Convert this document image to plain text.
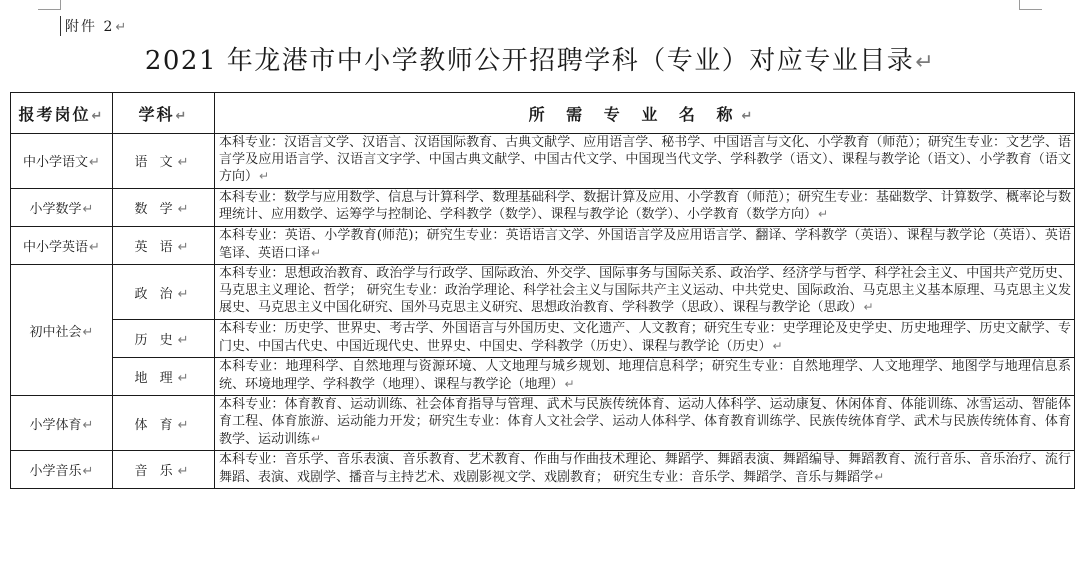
附件 2↵
2021 年龙港市中小学教师公开招聘学科（专业）对应专业目录↵
报考岗位↵	学科↵	所 需 专 业 名 称↵
中小学语文↵	语 文↵	本科专业：汉语言文学、汉语言、汉语国际教育、古典文献学、应用语言学、秘书学、中国语言与文化、小学教育（师范）；研究生专业：文艺学、语言学及应用语言学、汉语言文字学、中国古典文献学、中国古代文学、中国现当代文学、学科教学（语文）、课程与教学论（语文）、小学教育（语文方向）↵
小学数学↵	数 学↵	本科专业：数学与应用数学、信息与计算科学、数理基础科学、数据计算及应用、小学教育（师范）；研究生专业：基础数学、计算数学、概率论与数理统计、应用数学、运筹学与控制论、学科教学（数学）、课程与教学论（数学）、小学教育（数学方向）↵
中小学英语↵	英 语↵	本科专业：英语、小学教育(师范)；研究生专业：英语语言文学、外国语言学及应用语言学、翻译、学科教学（英语）、课程与教学论（英语）、英语笔译、英语口译↵
初中社会↵	政 治↵	本科专业：思想政治教育、政治学与行政学、国际政治、外交学、国际事务与国际关系、政治学、经济学与哲学、科学社会主义、中国共产党历史、马克思主义理论、哲学； 研究生专业：政治学理论、科学社会主义与国际共产主义运动、中共党史、国际政治、马克思主义基本原理、马克思主义发展史、马克思主义中国化研究、国外马克思主义研究、思想政治教育、学科教学（思政）、课程与教学论（思政）↵
	历 史↵	本科专业：历史学、世界史、考古学、外国语言与外国历史、文化遗产、人文教育；研究生专业：史学理论及史学史、历史地理学、历史文献学、专门史、中国古代史、中国近现代史、世界史、中国史、学科教学（历史）、课程与教学论（历史）↵
	地 理↵	本科专业：地理科学、自然地理与资源环境、人文地理与城乡规划、地理信息科学；研究生专业：自然地理学、人文地理学、地图学与地理信息系统、环境地理学、学科教学（地理）、课程与教学论（地理）↵
小学体育↵	体 育↵	本科专业：体育教育、运动训练、社会体育指导与管理、武术与民族传统体育、运动人体科学、运动康复、休闲体育、体能训练、冰雪运动、智能体育工程、体育旅游、运动能力开发；研究生专业：体育人文社会学、运动人体科学、体育教育训练学、民族传统体育学、武术与民族传统体育、体育教学、运动训练↵
小学音乐↵	音 乐↵	本科专业：音乐学、音乐表演、音乐教育、艺术教育、作曲与作曲技术理论、舞蹈学、舞蹈表演、舞蹈编导、舞蹈教育、流行音乐、音乐治疗、流行舞蹈、表演、戏剧学、播音与主持艺术、戏剧影视文学、戏剧教育； 研究生专业：音乐学、舞蹈学、音乐与舞蹈学↵
